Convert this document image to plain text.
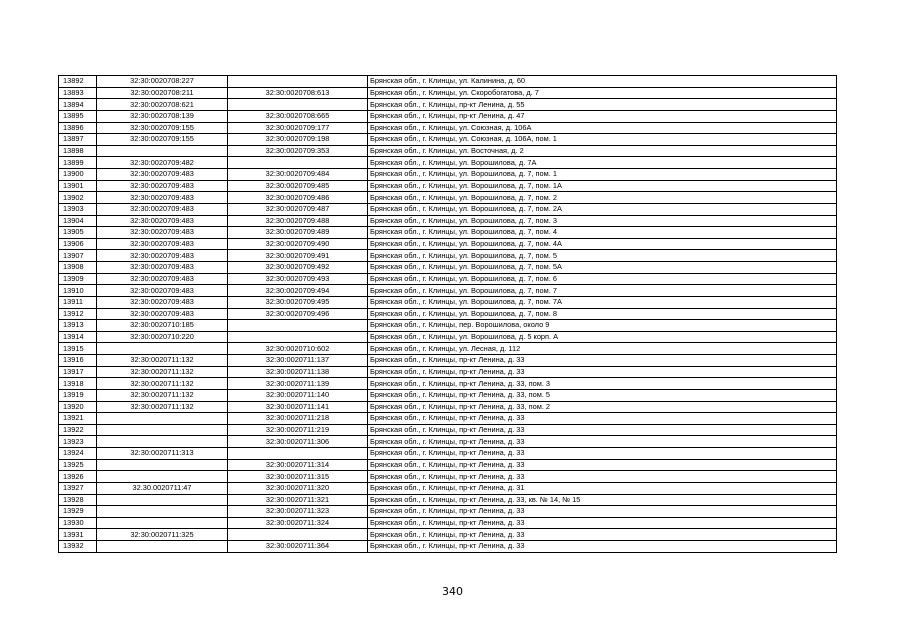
13892	32:30:0020708:227		Брянская обл., г. Клинцы, ул. Калинина, д. 60
13893	32:30:0020708:211	32:30:0020708:613	Брянская обл., г. Клинцы, ул. Скоробогатова, д. 7
13894	32:30:0020708:621		Брянская обл., г. Клинцы, пр-кт Ленина, д. 55
13895	32:30:0020708:139	32:30:0020708:665	Брянская обл., г. Клинцы, пр-кт Ленина, д. 47
13896	32:30:0020709:155	32:30:0020709:177	Брянская обл., г. Клинцы, ул. Союзная, д. 106А
13897	32:30:0020709:155	32:30:0020709:198	Брянская обл., г. Клинцы, ул. Союзная, д. 106А, пом. 1
13898		32:30:0020709:353	Брянская обл., г. Клинцы, ул. Восточная, д. 2
13899	32:30:0020709:482		Брянская обл., г. Клинцы, ул. Ворошилова, д. 7А
13900	32:30:0020709:483	32:30:0020709:484	Брянская обл., г. Клинцы, ул. Ворошилова, д. 7, пом. 1
13901	32:30:0020709:483	32:30:0020709:485	Брянская обл., г. Клинцы, ул. Ворошилова, д. 7, пом. 1А
13902	32:30:0020709:483	32:30:0020709:486	Брянская обл., г. Клинцы, ул. Ворошилова, д. 7, пом. 2
13903	32:30:0020709:483	32:30:0020709:487	Брянская обл., г. Клинцы, ул. Ворошилова, д. 7, пом. 2А
13904	32:30:0020709:483	32:30:0020709:488	Брянская обл., г. Клинцы, ул. Ворошилова, д. 7, пом. 3
13905	32:30:0020709:483	32:30:0020709:489	Брянская обл., г. Клинцы, ул. Ворошилова, д. 7, пом. 4
13906	32:30:0020709:483	32:30:0020709:490	Брянская обл., г. Клинцы, ул. Ворошилова, д. 7, пом. 4А
13907	32:30:0020709:483	32:30:0020709:491	Брянская обл., г. Клинцы, ул. Ворошилова, д. 7, пом. 5
13908	32:30:0020709:483	32:30:0020709:492	Брянская обл., г. Клинцы, ул. Ворошилова, д. 7, пом. 5А
13909	32:30:0020709:483	32:30:0020709:493	Брянская обл., г. Клинцы, ул. Ворошилова, д. 7, пом. 6
13910	32:30:0020709:483	32:30:0020709:494	Брянская обл., г. Клинцы, ул. Ворошилова, д. 7, пом. 7
13911	32:30:0020709:483	32:30:0020709:495	Брянская обл., г. Клинцы, ул. Ворошилова, д. 7, пом. 7А
13912	32:30:0020709:483	32:30:0020709:496	Брянская обл., г. Клинцы, ул. Ворошилова, д. 7, пом. 8
13913	32:30:0020710:185		Брянская обл., г. Клинцы, пер. Ворошилова, около 9
13914	32:30:0020710:220		Брянская обл., г. Клинцы, ул. Ворошилова, д. 5 корп. А
13915		32:30:0020710:602	Брянская обл., г. Клинцы, ул. Лесная, д. 112
13916	32:30:0020711:132	32:30:0020711:137	Брянская обл., г. Клинцы, пр-кт Ленина, д. 33
13917	32:30:0020711:132	32:30:0020711:138	Брянская обл., г. Клинцы, пр-кт Ленина, д. 33
13918	32:30:0020711:132	32:30:0020711:139	Брянская обл., г. Клинцы, пр-кт Ленина, д. 33, пом. 3
13919	32:30:0020711:132	32:30:0020711:140	Брянская обл., г. Клинцы, пр-кт Ленина, д. 33, пом. 5
13920	32:30:0020711:132	32:30:0020711:141	Брянская обл., г. Клинцы, пр-кт Ленина, д. 33, пом. 2
13921		32:30:0020711:218	Брянская обл., г. Клинцы, пр-кт Ленина, д. 33
13922		32:30:0020711:219	Брянская обл., г. Клинцы, пр-кт Ленина, д. 33
13923		32:30:0020711:306	Брянская обл., г. Клинцы, пр-кт Ленина, д. 33
13924	32:30:0020711:313		Брянская обл., г. Клинцы, пр-кт Ленина, д. 33
13925		32:30:0020711:314	Брянская обл., г. Клинцы, пр-кт Ленина, д. 33
13926		32:30:0020711:315	Брянская обл., г. Клинцы, пр-кт Ленина, д. 33
13927	32.30.0020711:47	32:30:0020711:320	Брянская обл., г. Клинцы, пр-кт Ленина, д. 31
13928		32:30:0020711:321	Брянская обл., г. Клинцы, пр-кт Ленина, д. 33, кв. № 14, № 15
13929		32:30:0020711:323	Брянская обл., г. Клинцы, пр-кт Ленина, д. 33
13930		32:30:0020711:324	Брянская обл., г. Клинцы, пр-кт Ленина, д. 33
13931	32:30:0020711:325		Брянская обл., г. Клинцы, пр-кт Ленина, д. 33
13932		32:30:0020711:364	Брянская обл., г. Клинцы, пр-кт Ленина, д. 33
340
